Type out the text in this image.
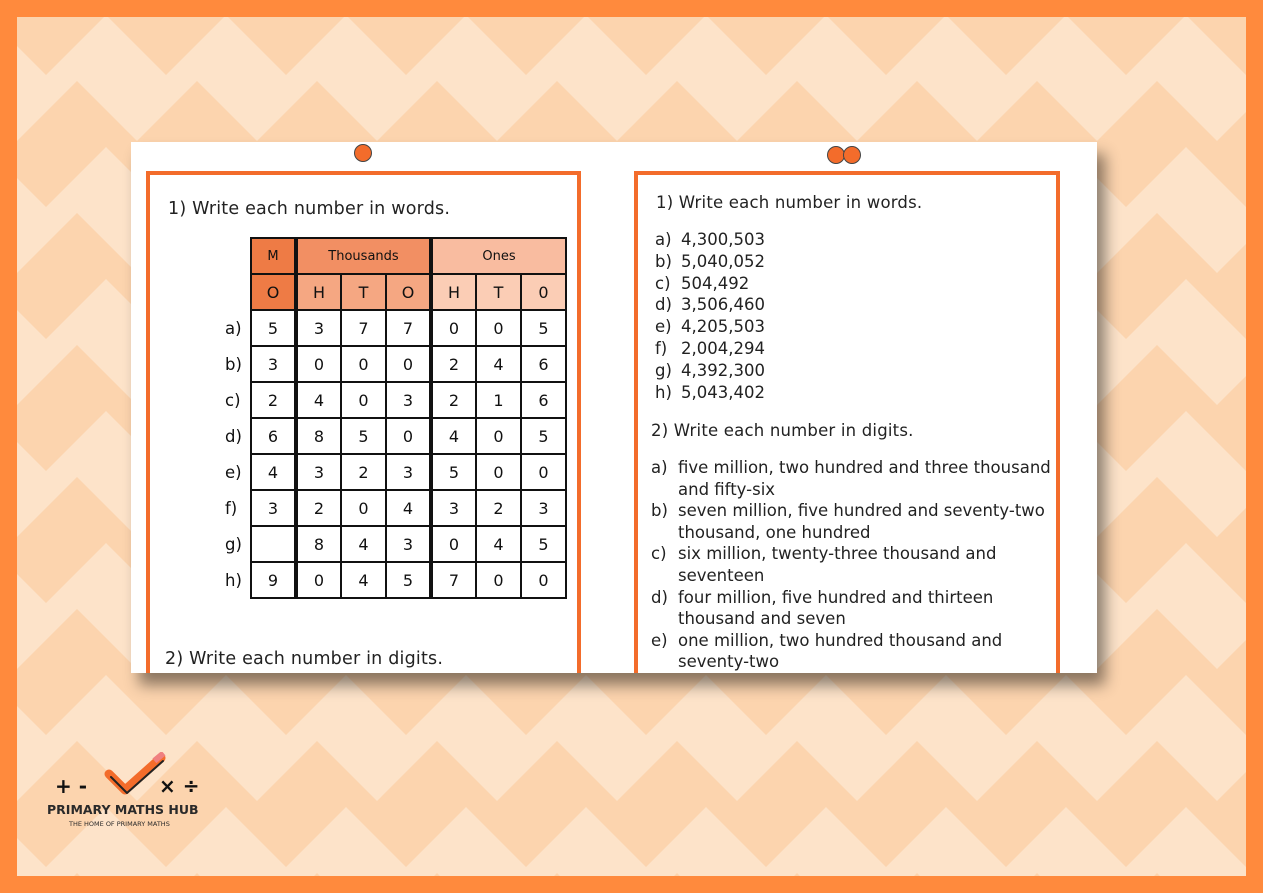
1) Write each number in words.
	M	Thousands			Ones		
	O	H	T	O	H	T	0
a)	5	3	7	7	0	0	5
b)	3	0	0	0	2	4	6
c)	2	4	0	3	2	1	6
d)	6	8	5	0	4	0	5
e)	4	3	2	3	5	0	0
f)	3	2	0	4	3	2	3
g)		8	4	3	0	4	5
h)	9	0	4	5	7	0	0
2) Write each number in digits.
1) Write each number in words.
a) 4,300,503
b) 5,040,052
c) 504,492
d) 3,506,460
e) 4,205,503
f) 2,004,294
g) 4,392,300
h) 5,043,402
2) Write each number in digits.
a) five million, two hundred and three thousand and fifty-six
b) seven million, five hundred and seventy-two thousand, one hundred
c) six million, twenty-three thousand and seventeen
d) four million, five hundred and thirteen thousand and seven
e) one million, two hundred thousand and seventy-two
+ -	× ÷
PRIMARY MATHS HUB
THE HOME OF PRIMARY MATHS
